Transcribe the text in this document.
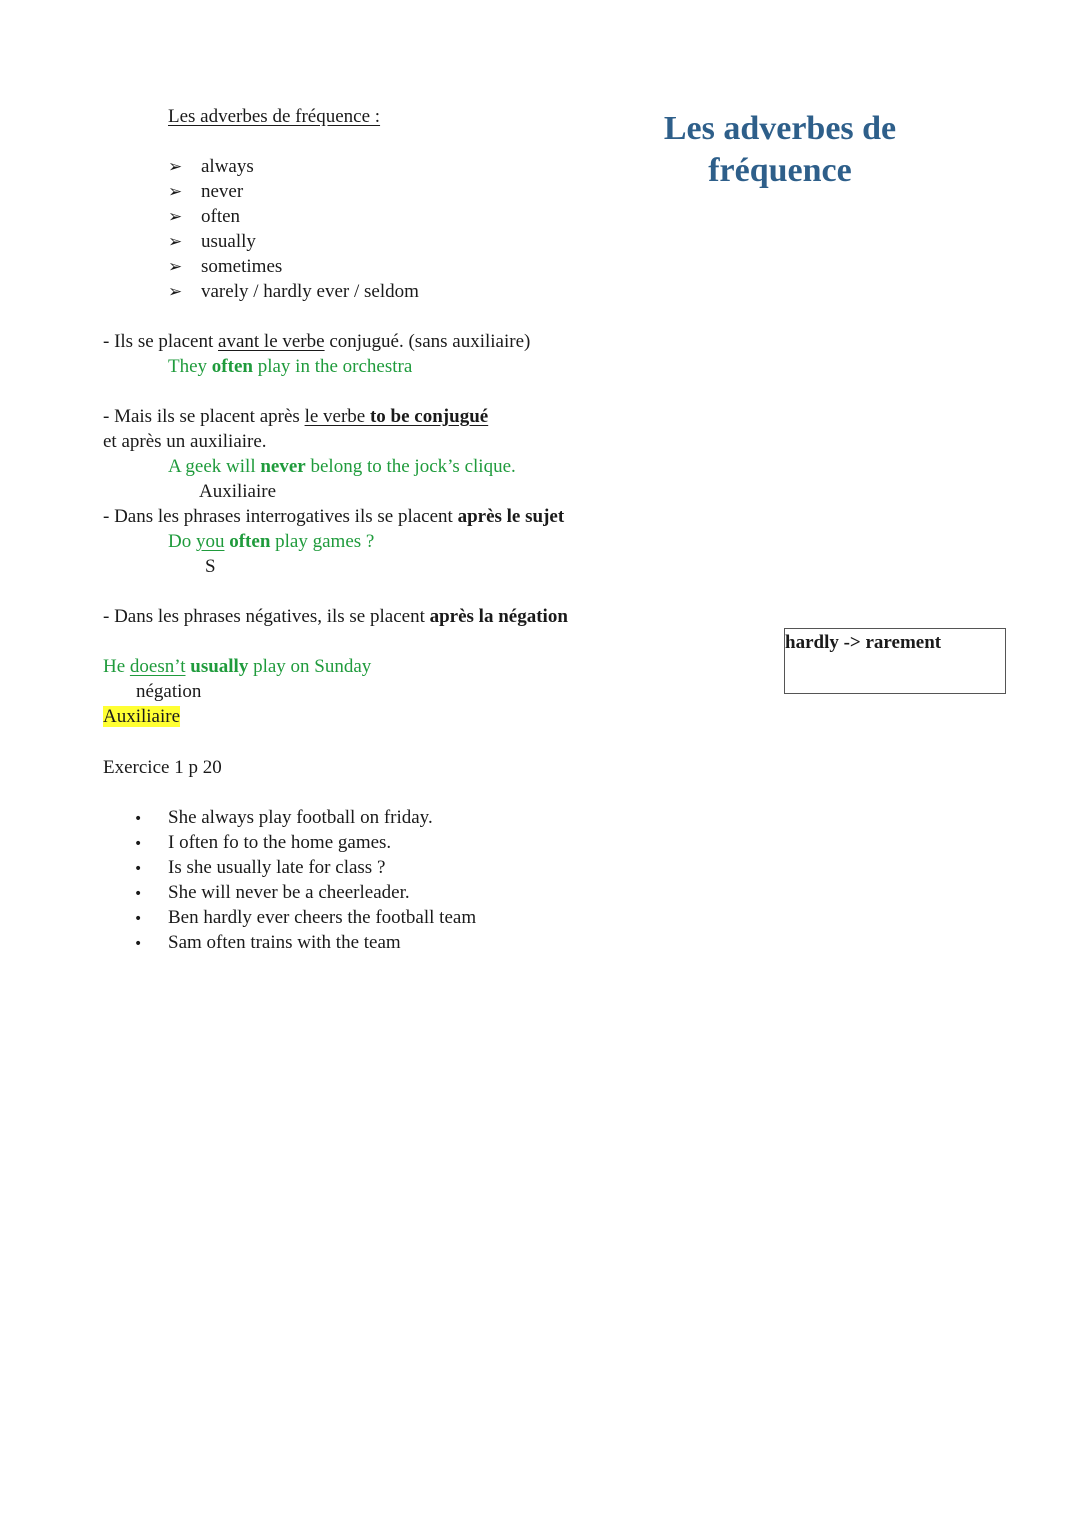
Les adverbes de
fréquence
Les adverbes de fréquence :
➢ always
➢ never
➢ often
➢ usually
➢ sometimes
➢ varely / hardly ever / seldom
- Ils se placent avant le verbe conjugué. (sans auxiliaire)
They often play in the orchestra
- Mais ils se placent après le verbe to be conjugué
et après un auxiliaire.
A geek will never belong to the jock’s clique.
Auxiliaire
- Dans les phrases interrogatives ils se placent après le sujet
Do you often play games ?
S
- Dans les phrases négatives, ils se placent après la négation
He doesn’t usually play on Sunday
négation
Auxiliaire
hardly -> rarement
Exercice 1 p 20
• She always play football on friday.
• I often fo to the home games.
• Is she usually late for class ?
• She will never be a cheerleader.
• Ben hardly ever cheers the football team
• Sam often trains with the team
